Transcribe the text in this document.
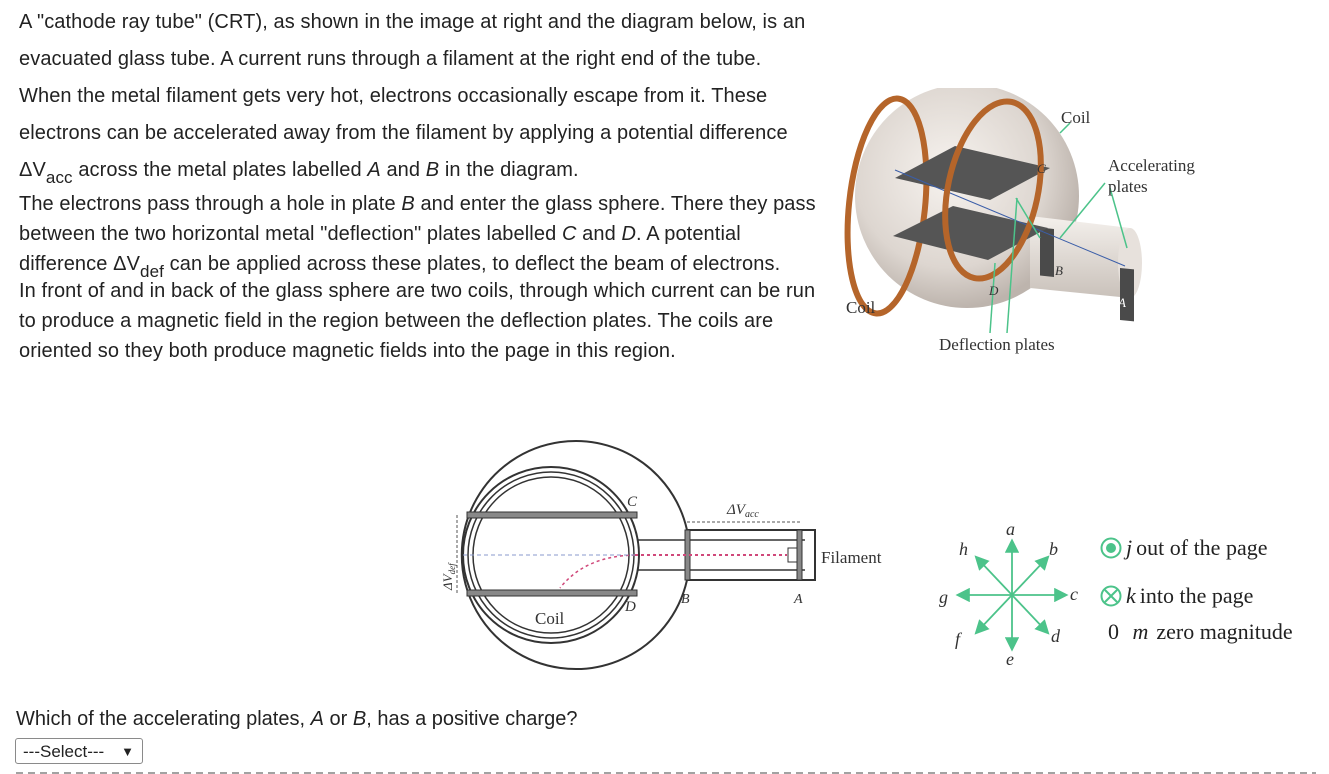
A "cathode ray tube" (CRT), as shown in the image at right and the diagram below, is an evacuated glass tube. A current runs through a filament at the right end of the tube. When the metal filament gets very hot, electrons occasionally escape from it. These electrons can be accelerated away from the filament by applying a potential difference $\Delta V_{acc}$ across the metal plates labelled A and B in the diagram.

The electrons pass through a hole in plate B and enter the glass sphere. There they pass between the two horizontal metal "deflection" plates labelled C and D. A potential difference $\Delta V_{def}$ can be applied across these plates, to deflect the beam of electrons.

In front of and in back of the glass sphere are two coils, through which current can be run to produce a magnetic field in the region between the deflection plates. The coils are oriented so they both produce magnetic fields into the page in this region.

Coil
Coil
Accelerating
plates
Deflection plates
C
D
B
A
C
D	B	A
Coil
Filament
$\Delta V_{acc}$
$\Delta V_{def}$
a
b
c
d
e
f
g
h	j out of the page
k into the page
0 m zero magnitude
Which of the accelerating plates, A or B, has a positive charge?
---Select--- ▼
